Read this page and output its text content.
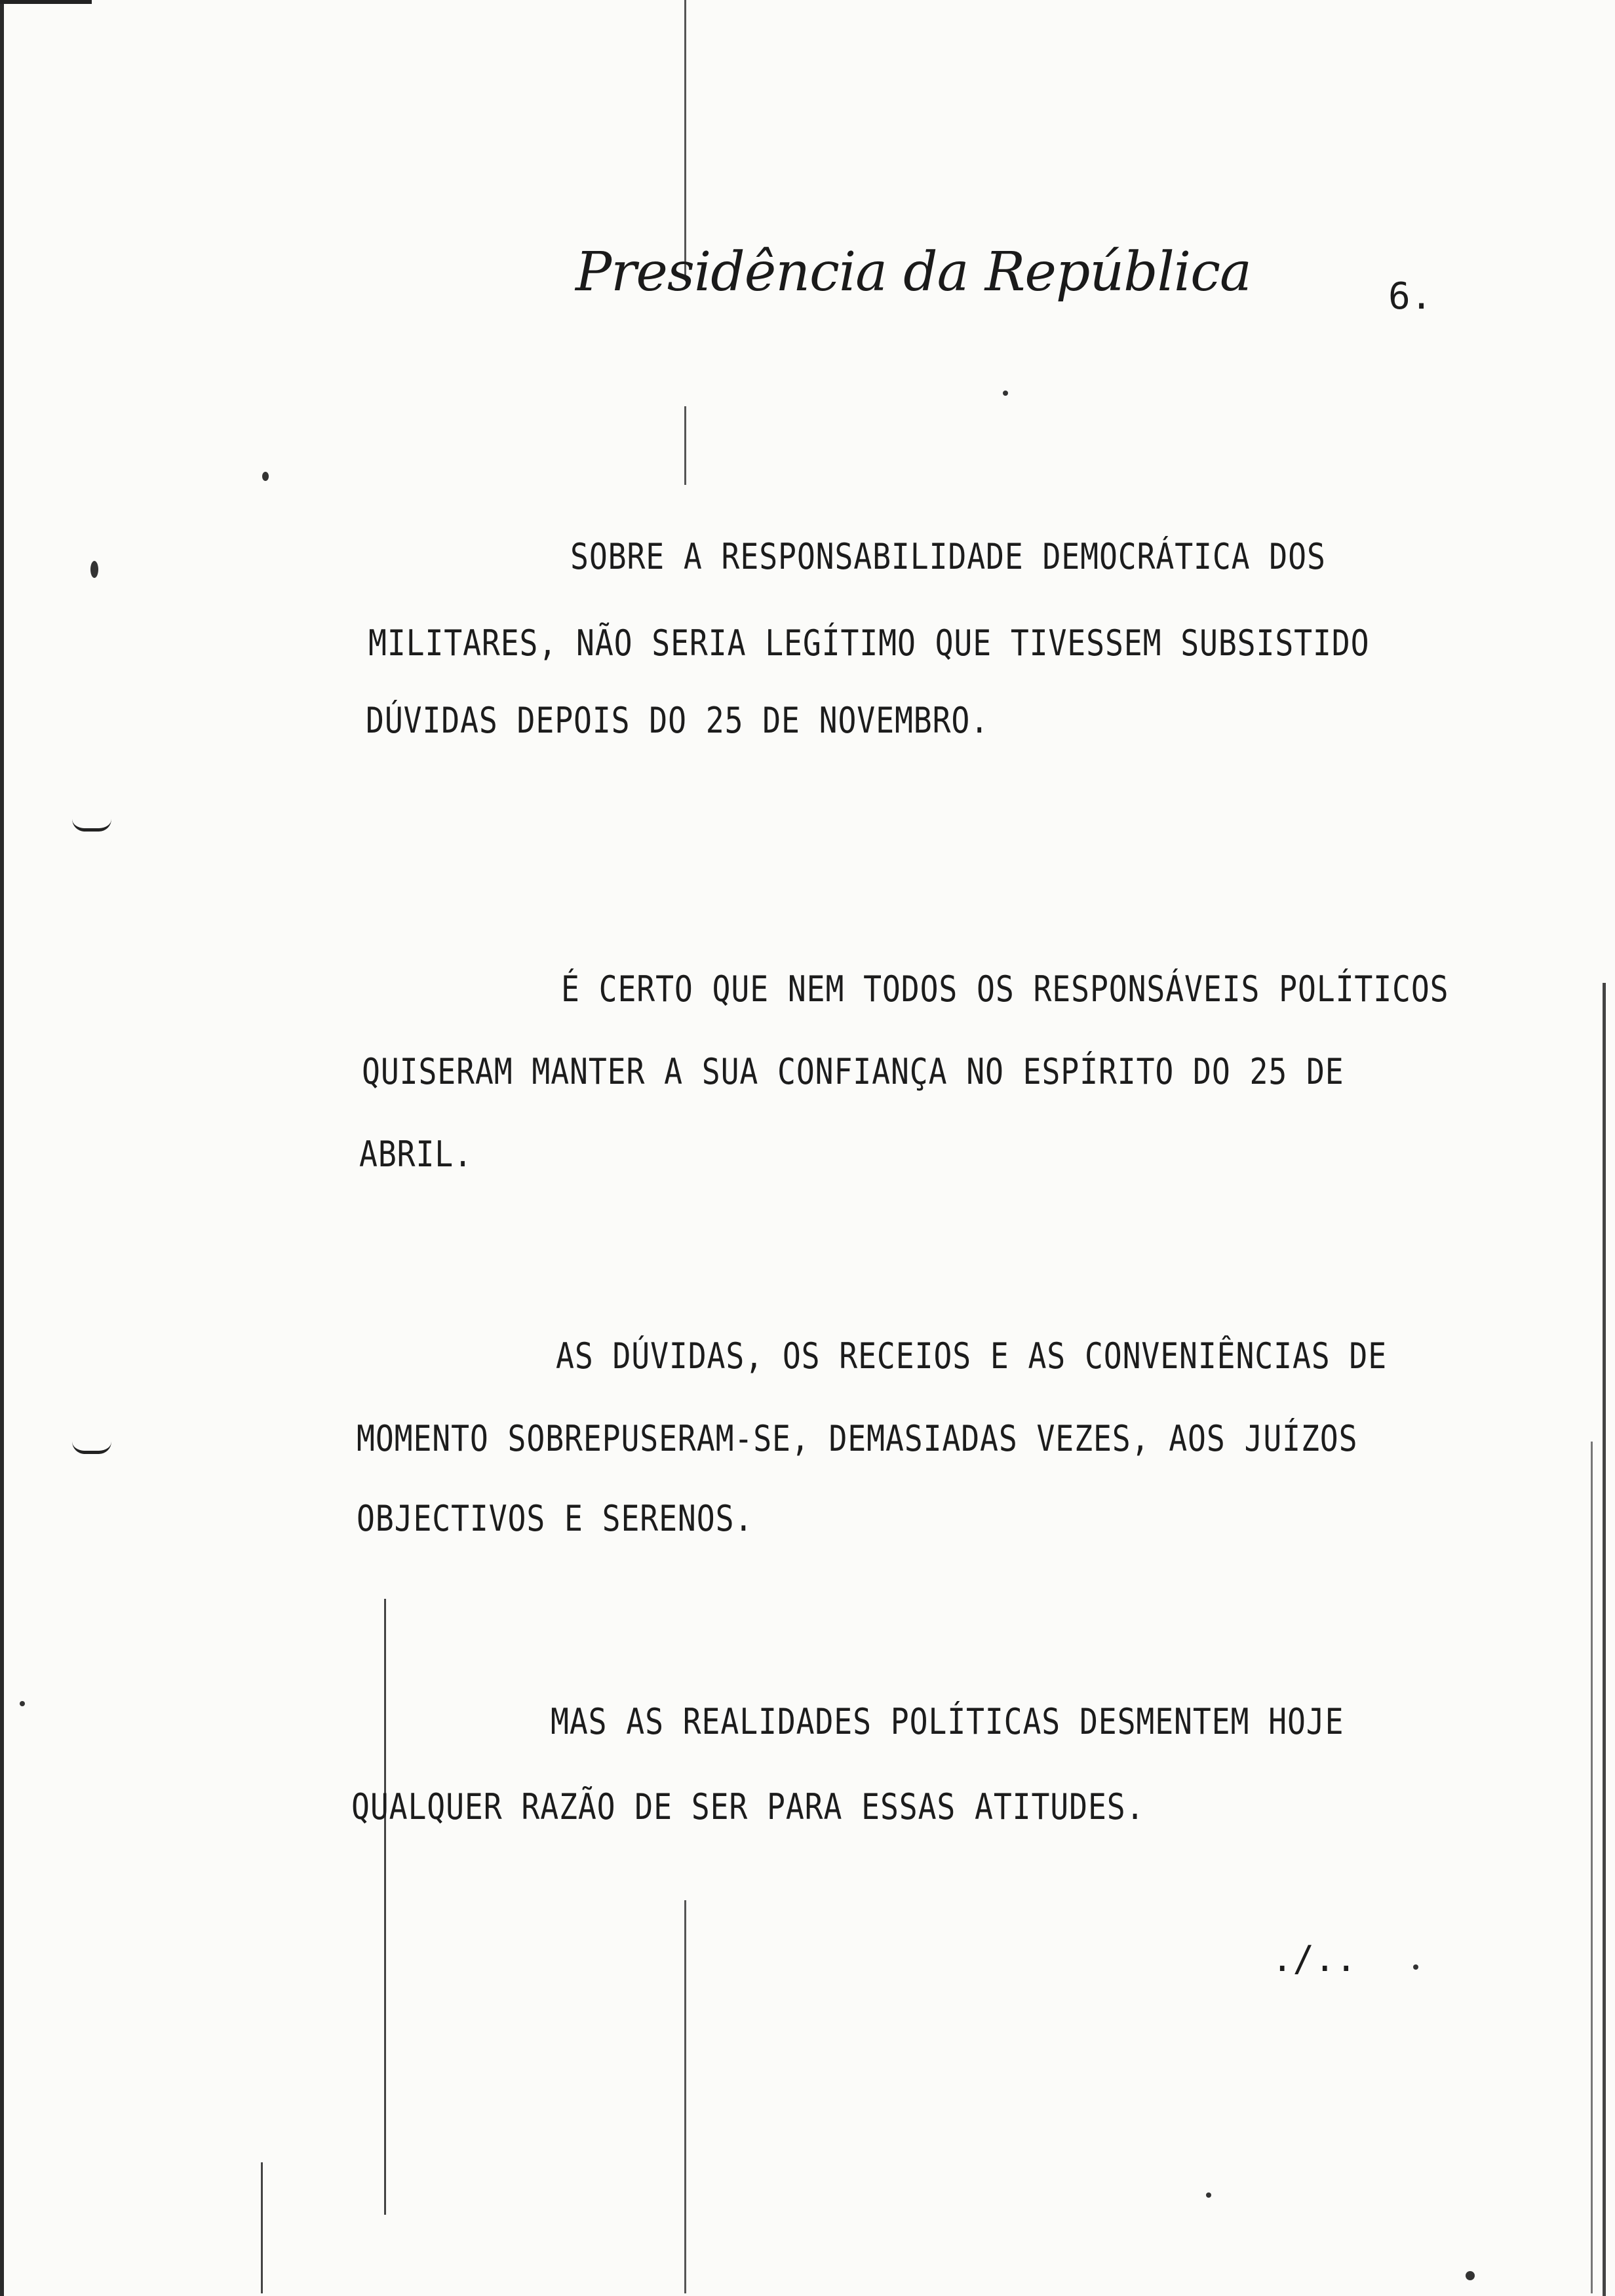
Presidência da República	6.
SOBRE A RESPONSABILIDADE DEMOCRÁTICA DOS
MILITARES, NÃO SERIA LEGÍTIMO QUE TIVESSEM SUBSISTIDO
DÚVIDAS DEPOIS DO 25 DE NOVEMBRO.
É CERTO QUE NEM TODOS OS RESPONSÁVEIS POLÍTICOS
QUISERAM MANTER A SUA CONFIANÇA NO ESPÍRITO DO 25 DE
ABRIL.
AS DÚVIDAS, OS RECEIOS E AS CONVENIÊNCIAS DE
MOMENTO SOBREPUSERAM-SE, DEMASIADAS VEZES, AOS JUÍZOS
OBJECTIVOS E SERENOS.
MAS AS REALIDADES POLÍTICAS DESMENTEM HOJE
QUALQUER RAZÃO DE SER PARA ESSAS ATITUDES.
./..
